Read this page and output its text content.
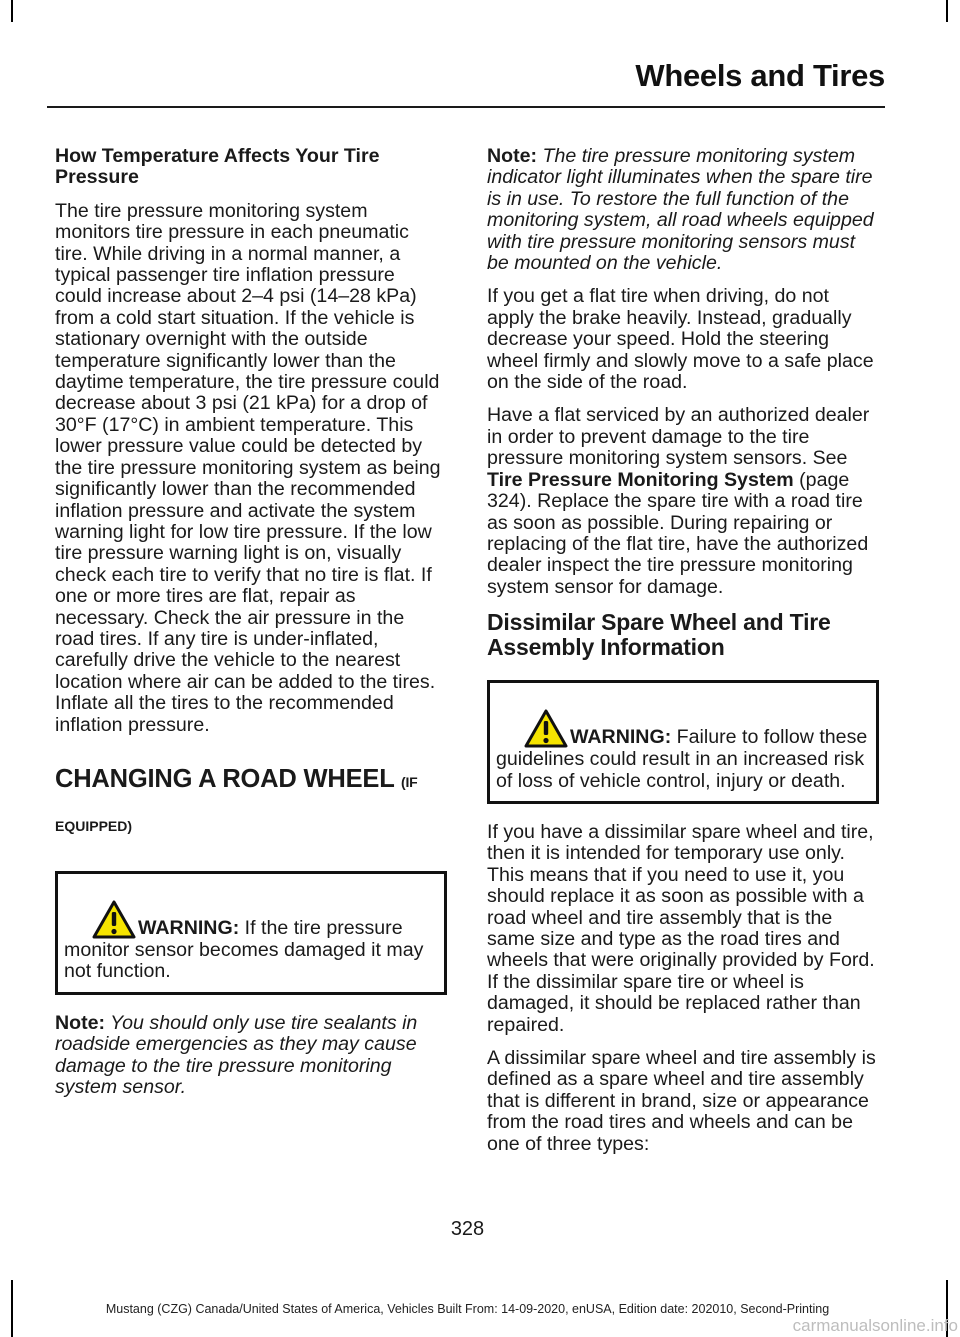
Wheels and Tires
How Temperature Affects Your Tire Pressure

The tire pressure monitoring system monitors tire pressure in each pneumatic tire. While driving in a normal manner, a typical passenger tire inflation pressure could increase about 2–4 psi (14–28 kPa) from a cold start situation. If the vehicle is stationary overnight with the outside temperature significantly lower than the daytime temperature, the tire pressure could decrease about 3 psi (21 kPa) for a drop of 30°F (17°C) in ambient temperature. This lower pressure value could be detected by the tire pressure monitoring system as being significantly lower than the recommended inflation pressure and activate the system warning light for low tire pressure. If the low tire pressure warning light is on, visually check each tire to verify that no tire is flat. If one or more tires are flat, repair as necessary. Check the air pressure in the road tires. If any tire is under-inflated, carefully drive the vehicle to the nearest location where air can be added to the tires. Inflate all the tires to the recommended inflation pressure.

CHANGING A ROAD WHEEL (IF
EQUIPPED)
WARNING: If the tire pressure monitor sensor becomes damaged it may not function.

Note: You should only use tire sealants in roadside emergencies as they may cause damage to the tire pressure monitoring system sensor.

Note: The tire pressure monitoring system indicator light illuminates when the spare tire is in use. To restore the full function of the monitoring system, all road wheels equipped with tire pressure monitoring sensors must be mounted on the vehicle.

If you get a flat tire when driving, do not apply the brake heavily. Instead, gradually decrease your speed. Hold the steering wheel firmly and slowly move to a safe place on the side of the road.

Have a flat serviced by an authorized dealer in order to prevent damage to the tire pressure monitoring system sensors. See Tire Pressure Monitoring System (page 324). Replace the spare tire with a road tire as soon as possible. During repairing or replacing of the flat tire, have the authorized dealer inspect the tire pressure monitoring system sensor for damage.

Dissimilar Spare Wheel and Tire Assembly Information
WARNING: Failure to follow these guidelines could result in an increased risk of loss of vehicle control, injury or death.

If you have a dissimilar spare wheel and tire, then it is intended for temporary use only. This means that if you need to use it, you should replace it as soon as possible with a road wheel and tire assembly that is the same size and type as the road tires and wheels that were originally provided by Ford. If the dissimilar spare tire or wheel is damaged, it should be replaced rather than repaired.

A dissimilar spare wheel and tire assembly is defined as a spare wheel and tire assembly that is different in brand, size or appearance from the road tires and wheels and can be one of three types:

328
Mustang (CZG) Canada/United States of America, Vehicles Built From: 14-09-2020, enUSA, Edition date: 202010, Second-Printing
carmanualsonline.info
